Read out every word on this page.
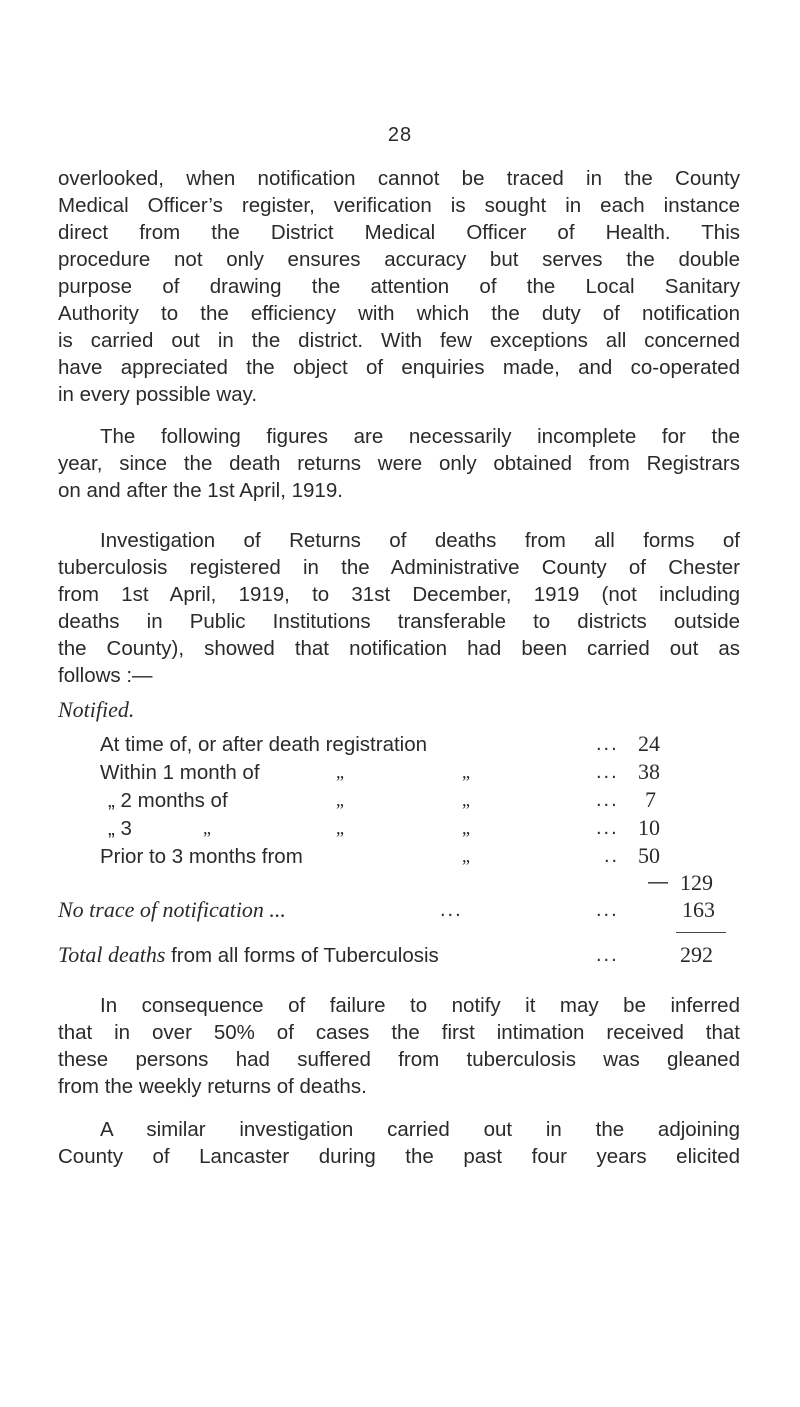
28
overlooked, when notification cannot be traced in the County
Medical Officer’s register, verification is sought in each instance
direct from the District Medical Officer of Health. This
procedure not only ensures accuracy but serves the double
purpose of drawing the attention of the Local Sanitary
Authority to the efficiency with which the duty of notification
is carried out in the district. With few exceptions all concerned
have appreciated the object of enquiries made, and co-operated
in every possible way.
The following figures are necessarily incomplete for the
year, since the death returns were only obtained from Registrars
on and after the 1st April, 1919.
Investigation of Returns of deaths from all forms of
tuberculosis registered in the Administrative County of Chester
from 1st April, 1919, to 31st December, 1919 (not including
deaths in Public Institutions transferable to districts outside
the County), showed that notification had been carried out as
follows :—
Notified.
At time of, or after death registration	... 24
Within 1 month of	„	„	... 38
„ 2 months of	„	„	... 7
„ 3	„	„	„	... 10
Prior to 3 months from	„	.. 50
— 129
No trace of notification ...	...	...	163
Total deaths from all forms of Tuberculosis	...	292
In consequence of failure to notify it may be inferred
that in over 50% of cases the first intimation received that
these persons had suffered from tuberculosis was gleaned
from the weekly returns of deaths.
A similar investigation carried out in the adjoining
County of Lancaster during the past four years elicited
